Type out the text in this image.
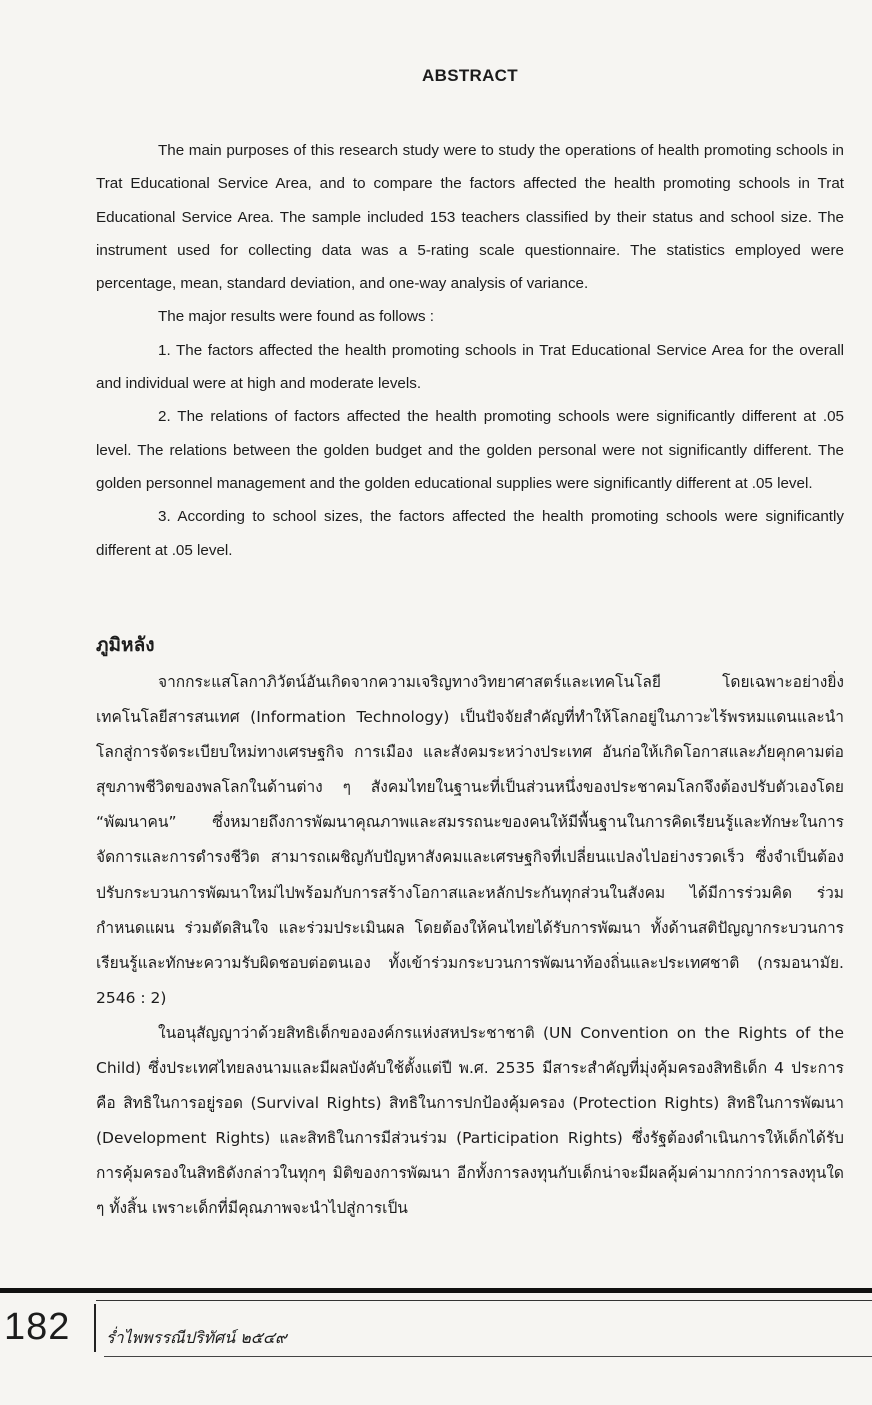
ABSTRACT

The main purposes of this research study were to study the operations of health promoting schools in Trat Educational Service Area, and to compare the factors affected the health promoting schools in Trat Educational Service Area. The sample included 153 teachers classified by their status and school size. The instrument used for collecting data was a 5-rating scale questionnaire. The statistics employed were percentage, mean, standard deviation, and one-way analysis of variance.

The major results were found as follows :

1. The factors affected the health promoting schools in Trat Educational Service Area for the overall and individual were at high and moderate levels.

2. The relations of factors affected the health promoting schools were significantly different at .05 level. The relations between the golden budget and the golden personal were not significantly different. The golden personnel management and the golden educational supplies were significantly different at .05 level.

3. According to school sizes, the factors affected the health promoting schools were significantly different at .05 level.

ภูมิหลัง

จากกระแสโลกาภิวัตน์อันเกิดจากความเจริญทางวิทยาศาสตร์และเทคโนโลยี โดยเฉพาะอย่างยิ่งเทคโนโลยีสารสนเทศ (Information Technology) เป็นปัจจัยสำคัญที่ทำให้โลกอยู่ในภาวะไร้พรหมแดนและนำโลกสู่การจัดระเบียบใหม่ทางเศรษฐกิจ การเมือง และสังคมระหว่างประเทศ อันก่อให้เกิดโอกาสและภัยคุกคามต่อสุขภาพชีวิตของพลโลกในด้านต่าง ๆ สังคมไทยในฐานะที่เป็นส่วนหนึ่งของประชาคมโลกจึงต้องปรับตัวเองโดย “พัฒนาคน” ซึ่งหมายถึงการพัฒนาคุณภาพและสมรรถนะของคนให้มีพื้นฐานในการคิดเรียนรู้และทักษะในการจัดการและการดำรงชีวิต สามารถเผชิญกับปัญหาสังคมและเศรษฐกิจที่เปลี่ยนแปลงไปอย่างรวดเร็ว ซึ่งจำเป็นต้องปรับกระบวนการพัฒนาใหม่ไปพร้อมกับการสร้างโอกาสและหลักประกันทุกส่วนในสังคม ได้มีการร่วมคิด ร่วมกำหนดแผน ร่วมตัดสินใจ และร่วมประเมินผล โดยต้องให้คนไทยได้รับการพัฒนา ทั้งด้านสติปัญญากระบวนการเรียนรู้และทักษะความรับผิดชอบต่อตนเอง ทั้งเข้าร่วมกระบวนการพัฒนาท้องถิ่นและประเทศชาติ (กรมอนามัย. 2546 : 2)

ในอนุสัญญาว่าด้วยสิทธิเด็กขององค์กรแห่งสหประชาชาติ (UN Convention on the Rights of the Child) ซึ่งประเทศไทยลงนามและมีผลบังคับใช้ตั้งแต่ปี พ.ศ. 2535 มีสาระสำคัญที่มุ่งคุ้มครองสิทธิเด็ก 4 ประการ คือ สิทธิในการอยู่รอด (Survival Rights) สิทธิในการปกป้องคุ้มครอง (Protection Rights) สิทธิในการพัฒนา (Development Rights) และสิทธิในการมีส่วนร่วม (Participation Rights) ซึ่งรัฐต้องดำเนินการให้เด็กได้รับการคุ้มครองในสิทธิดังกล่าวในทุกๆ มิติของการพัฒนา อีกทั้งการลงทุนกับเด็กน่าจะมีผลคุ้มค่ามากกว่าการลงทุนใด ๆ ทั้งสิ้น เพราะเด็กที่มีคุณภาพจะนำไปสู่การเป็น

182 ร่ำไพพรรณีปริทัศน์ ๒๕๔๙
